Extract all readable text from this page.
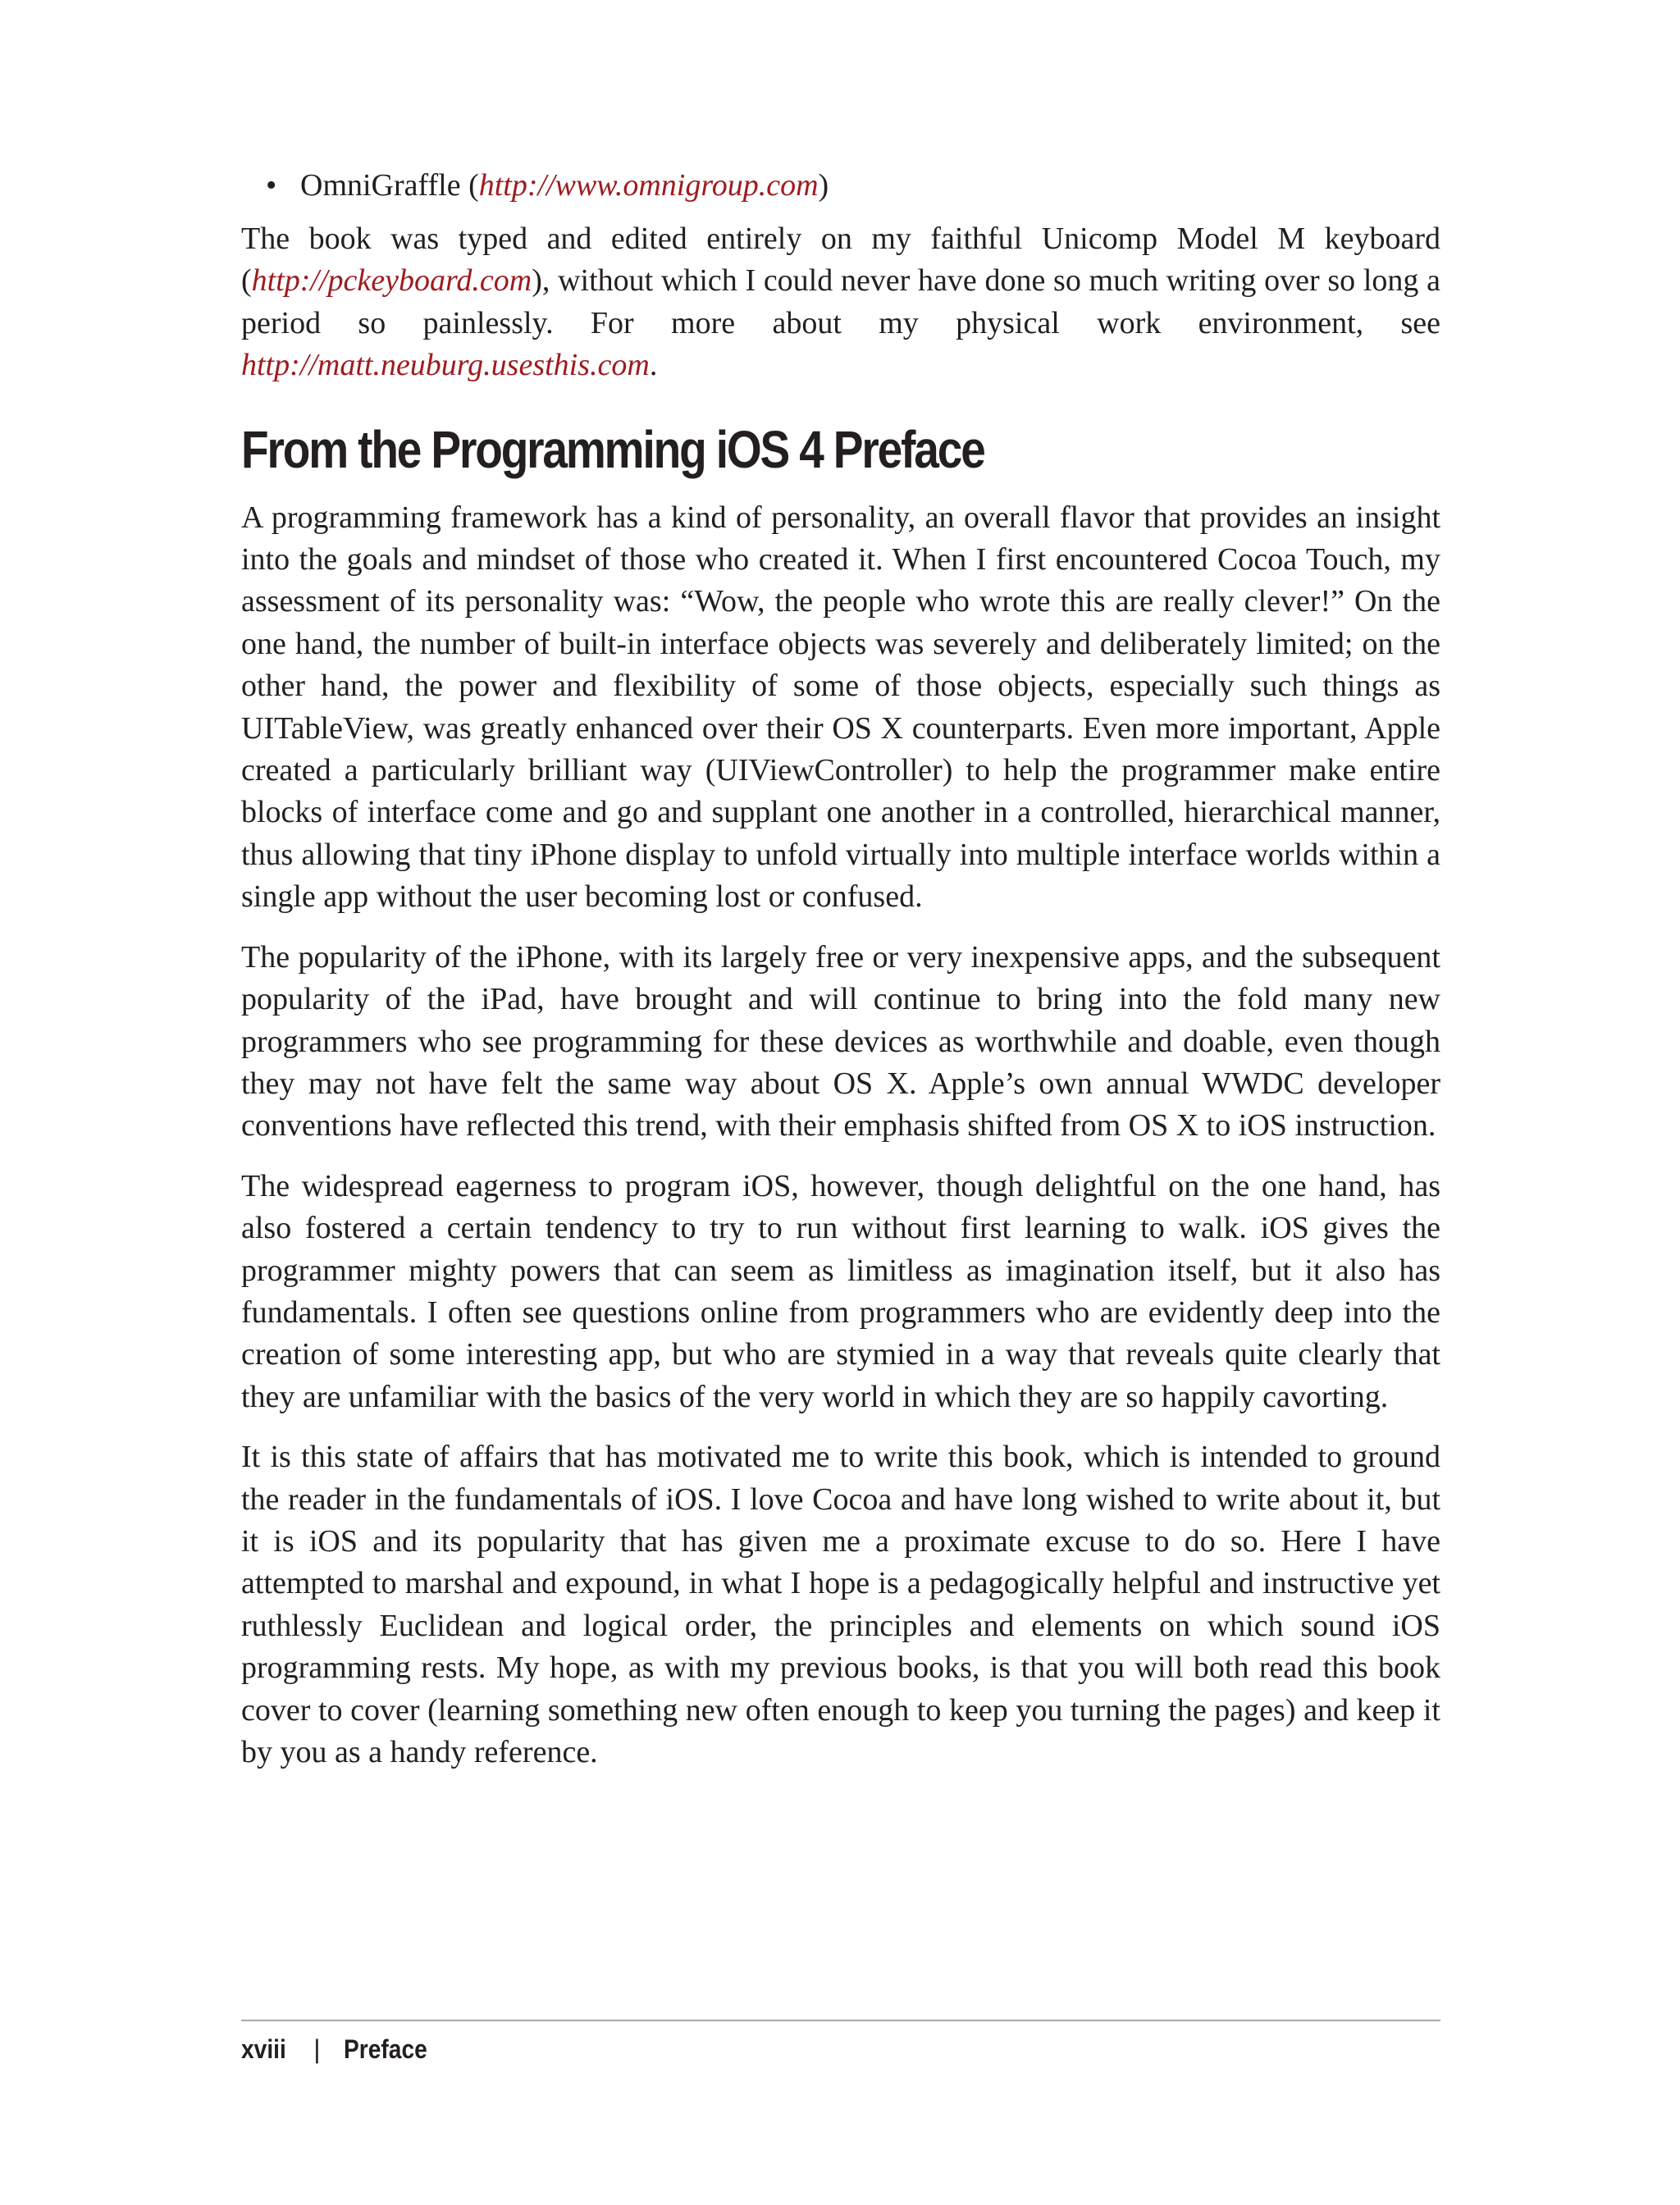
• OmniGraffle (http://www.omnigroup.com)

The book was typed and edited entirely on my faithful Unicomp Model M keyboard (http://pckeyboard.com), without which I could never have done so much writing over so long a period so painlessly. For more about my physical work environment, see http://matt.neuburg.usesthis.com.

From the Programming iOS 4 Preface

A programming framework has a kind of personality, an overall flavor that provides an insight into the goals and mindset of those who created it. When I first encountered Cocoa Touch, my assessment of its personality was: “Wow, the people who wrote this are really clever!” On the one hand, the number of built-in interface objects was severely and deliberately limited; on the other hand, the power and flexibility of some of those objects, especially such things as UITableView, was greatly enhanced over their OS X counterparts. Even more important, Apple created a particularly brilliant way (UIViewController) to help the programmer make entire blocks of interface come and go and supplant one another in a controlled, hierarchical manner, thus allowing that tiny iPhone display to unfold virtually into multiple interface worlds within a single app without the user becoming lost or confused.

The popularity of the iPhone, with its largely free or very inexpensive apps, and the subsequent popularity of the iPad, have brought and will continue to bring into the fold many new programmers who see programming for these devices as worthwhile and doable, even though they may not have felt the same way about OS X. Apple’s own annual WWDC developer conventions have reflected this trend, with their emphasis shifted from OS X to iOS instruction.

The widespread eagerness to program iOS, however, though delightful on the one hand, has also fostered a certain tendency to try to run without first learning to walk. iOS gives the programmer mighty powers that can seem as limitless as imagination itself, but it also has fundamentals. I often see questions online from programmers who are evidently deep into the creation of some interesting app, but who are stymied in a way that reveals quite clearly that they are unfamiliar with the basics of the very world in which they are so happily cavorting.

It is this state of affairs that has motivated me to write this book, which is intended to ground the reader in the fundamentals of iOS. I love Cocoa and have long wished to write about it, but it is iOS and its popularity that has given me a proximate excuse to do so. Here I have attempted to marshal and expound, in what I hope is a pedagogically helpful and instructive yet ruthlessly Euclidean and logical order, the principles and elements on which sound iOS programming rests. My hope, as with my previous books, is that you will both read this book cover to cover (learning something new often enough to keep you turning the pages) and keep it by you as a handy reference.

xviii | Preface
